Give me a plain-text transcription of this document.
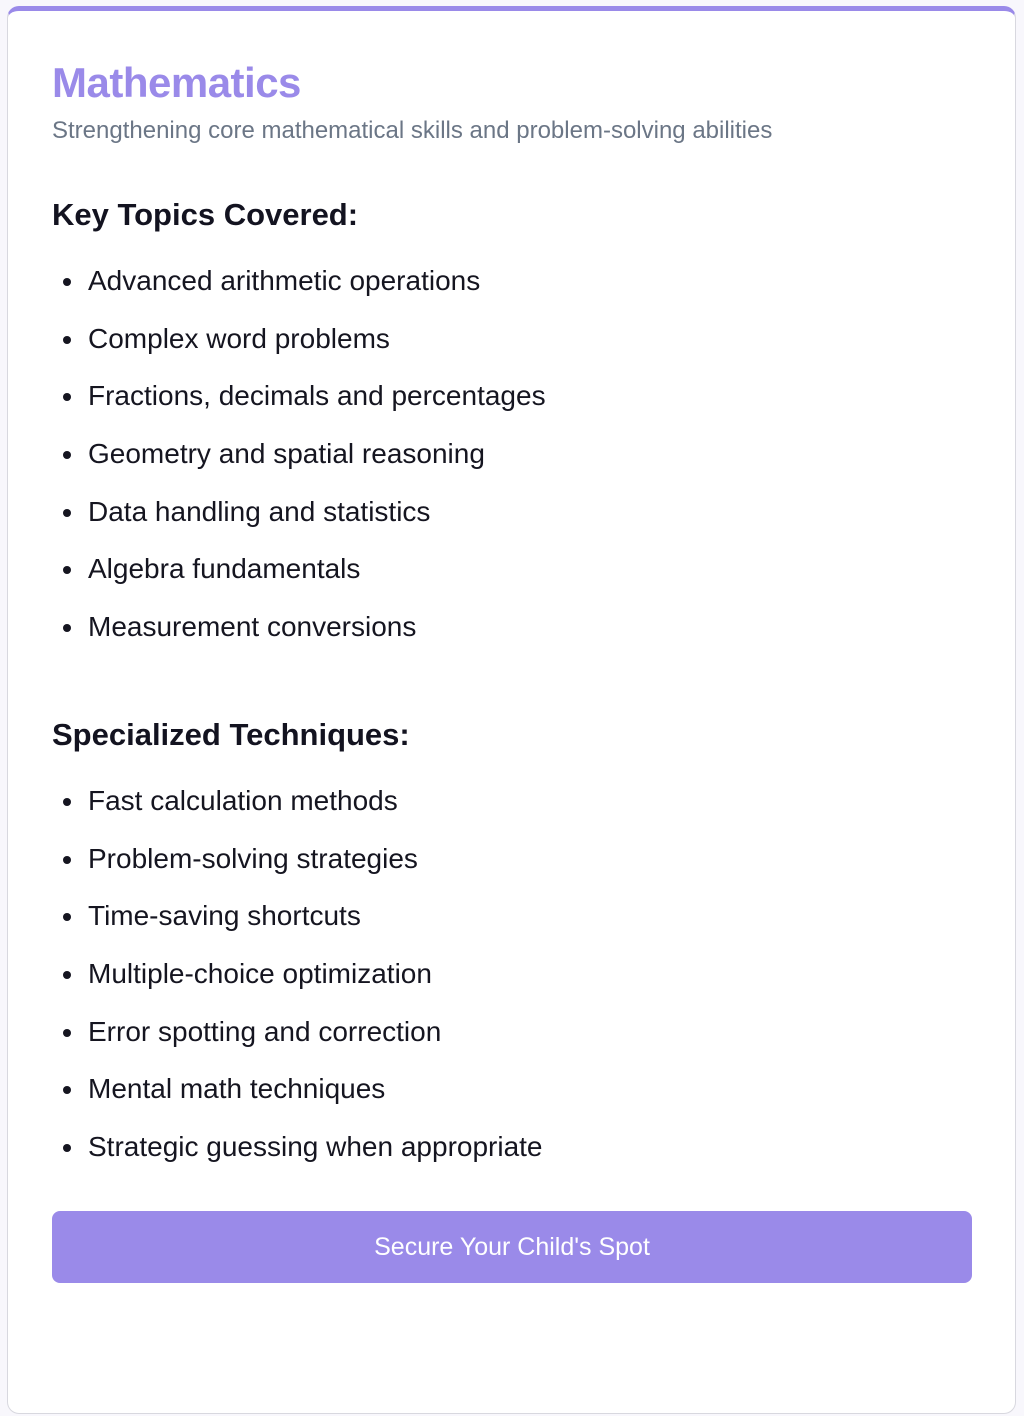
Mathematics

Strengthening core mathematical skills and problem-solving abilities

Key Topics Covered:
Advanced arithmetic operations
Complex word problems
Fractions, decimals and percentages
Geometry and spatial reasoning
Data handling and statistics
Algebra fundamentals
Measurement conversions
Specialized Techniques:
Fast calculation methods
Problem-solving strategies
Time-saving shortcuts
Multiple-choice optimization
Error spotting and correction
Mental math techniques
Strategic guessing when appropriate
Secure Your Child's Spot
